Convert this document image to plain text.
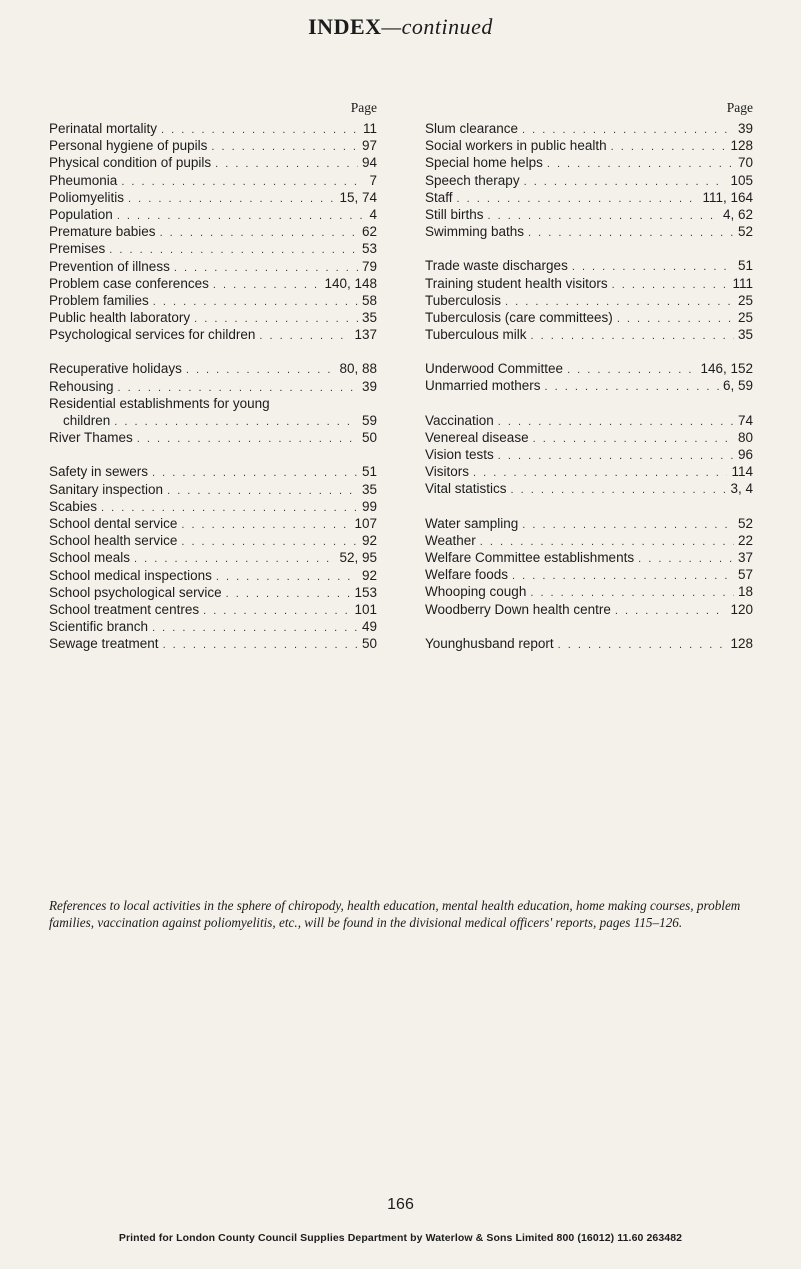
INDEX—continued
Page
Perinatal mortality . . .	11
Personal hygiene of pupils . . .	97
Physical condition of pupils . . .	94
Pheumonia . . .	7
Poliomyelitis . . .	15, 74
Population . . .	4
Premature babies . . .	62
Premises . . .	53
Prevention of illness . . .	79
Problem case conferences . . .	140, 148
Problem families . . .	58
Public health laboratory . . .	35
Psychological services for children . . .	137
Recuperative holidays . . .	80, 88
Rehousing . . .	39
Residential establishments for young
children . . .	59
River Thames . . .	50
Safety in sewers . . .	51
Sanitary inspection . . .	35
Scabies . . .	99
School dental service . . .	107
School health service . . .	92
School meals . . .	52, 95
School medical inspections . . .	92
School psychological service . . .	153
School treatment centres . . .	101
Scientific branch . . .	49
Sewage treatment . . .	50
Page
Slum clearance . . .	39
Social workers in public health . . .	128
Special home helps . . .	70
Speech therapy . . .	105
Staff . . .	111, 164
Still births . . .	4, 62
Swimming baths . . .	52
Trade waste discharges . . .	51
Training student health visitors . . .	111
Tuberculosis . . .	25
Tuberculosis (care committees) . . .	25
Tuberculous milk . . .	35
Underwood Committee . . .	146, 152
Unmarried mothers . . .	6, 59
Vaccination . . .	74
Venereal disease . . .	80
Vision tests . . .	96
Visitors . . .	114
Vital statistics . . .	3, 4
Water sampling . . .	52
Weather . . .	22
Welfare Committee establishments . . .	37
Welfare foods . . .	57
Whooping cough . . .	18
Woodberry Down health centre . . .	120
Younghusband report . . .	128
References to local activities in the sphere of chiropody, health education, mental health education, home making courses, problem families, vaccination against poliomyelitis, etc., will be found in the divisional medical officers' reports, pages 115–126.
166
Printed for London County Council Supplies Department by Waterlow & Sons Limited 800 (16012) 11.60 263482
